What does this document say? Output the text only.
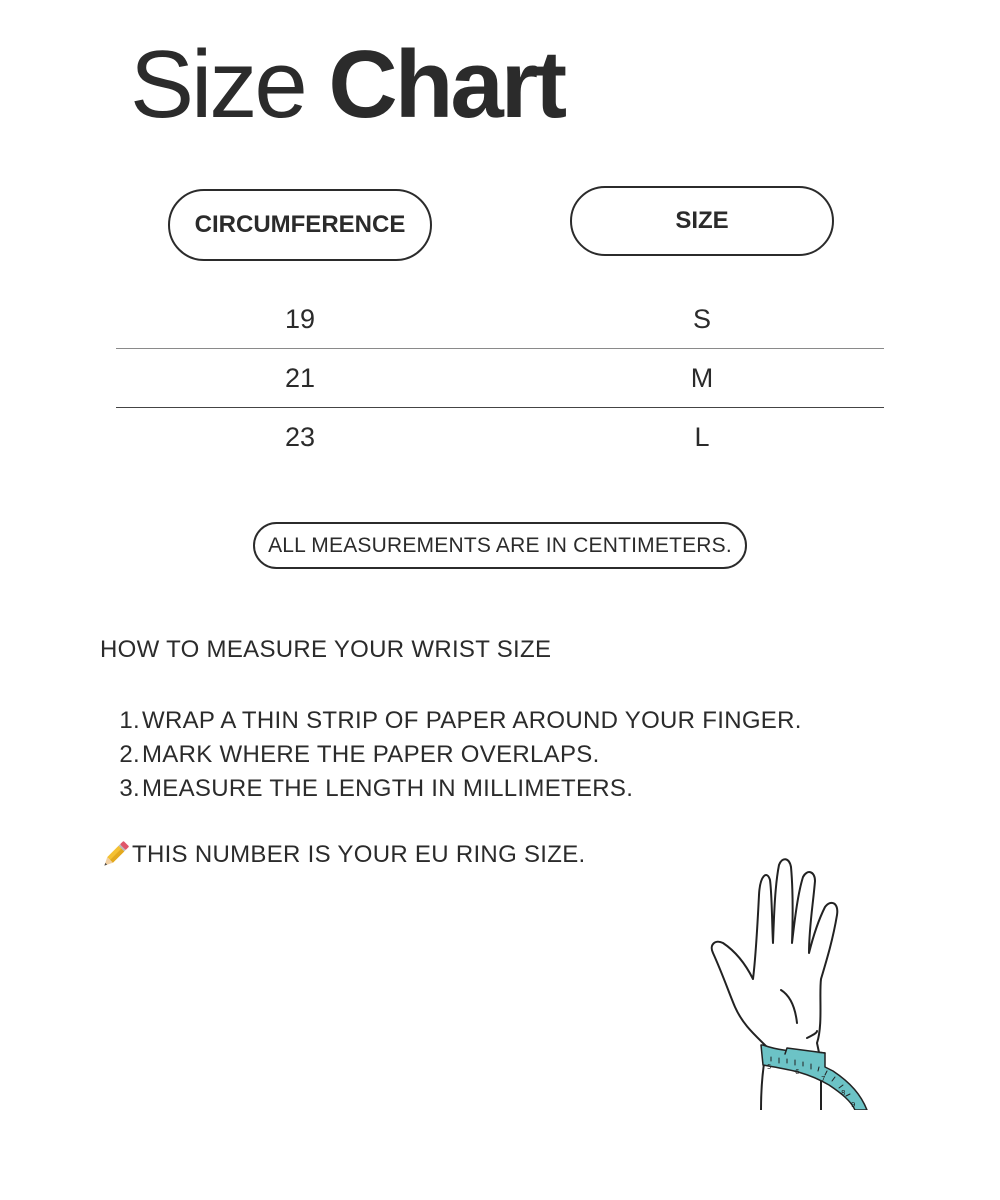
Size Chart
CIRCUMFERENCE	SIZE
19	S
21	M
23	L
ALL MEASUREMENTS ARE IN CENTIMETERS.
HOW TO MEASURE YOUR WRIST SIZE
1. WRAP A THIN STRIP OF PAPER AROUND YOUR FINGER.
2. MARK WHERE THE PAPER OVERLAPS.
3. MEASURE THE LENGTH IN MILLIMETERS.
THIS NUMBER IS YOUR EU RING SIZE.
5
6
7
8
9
